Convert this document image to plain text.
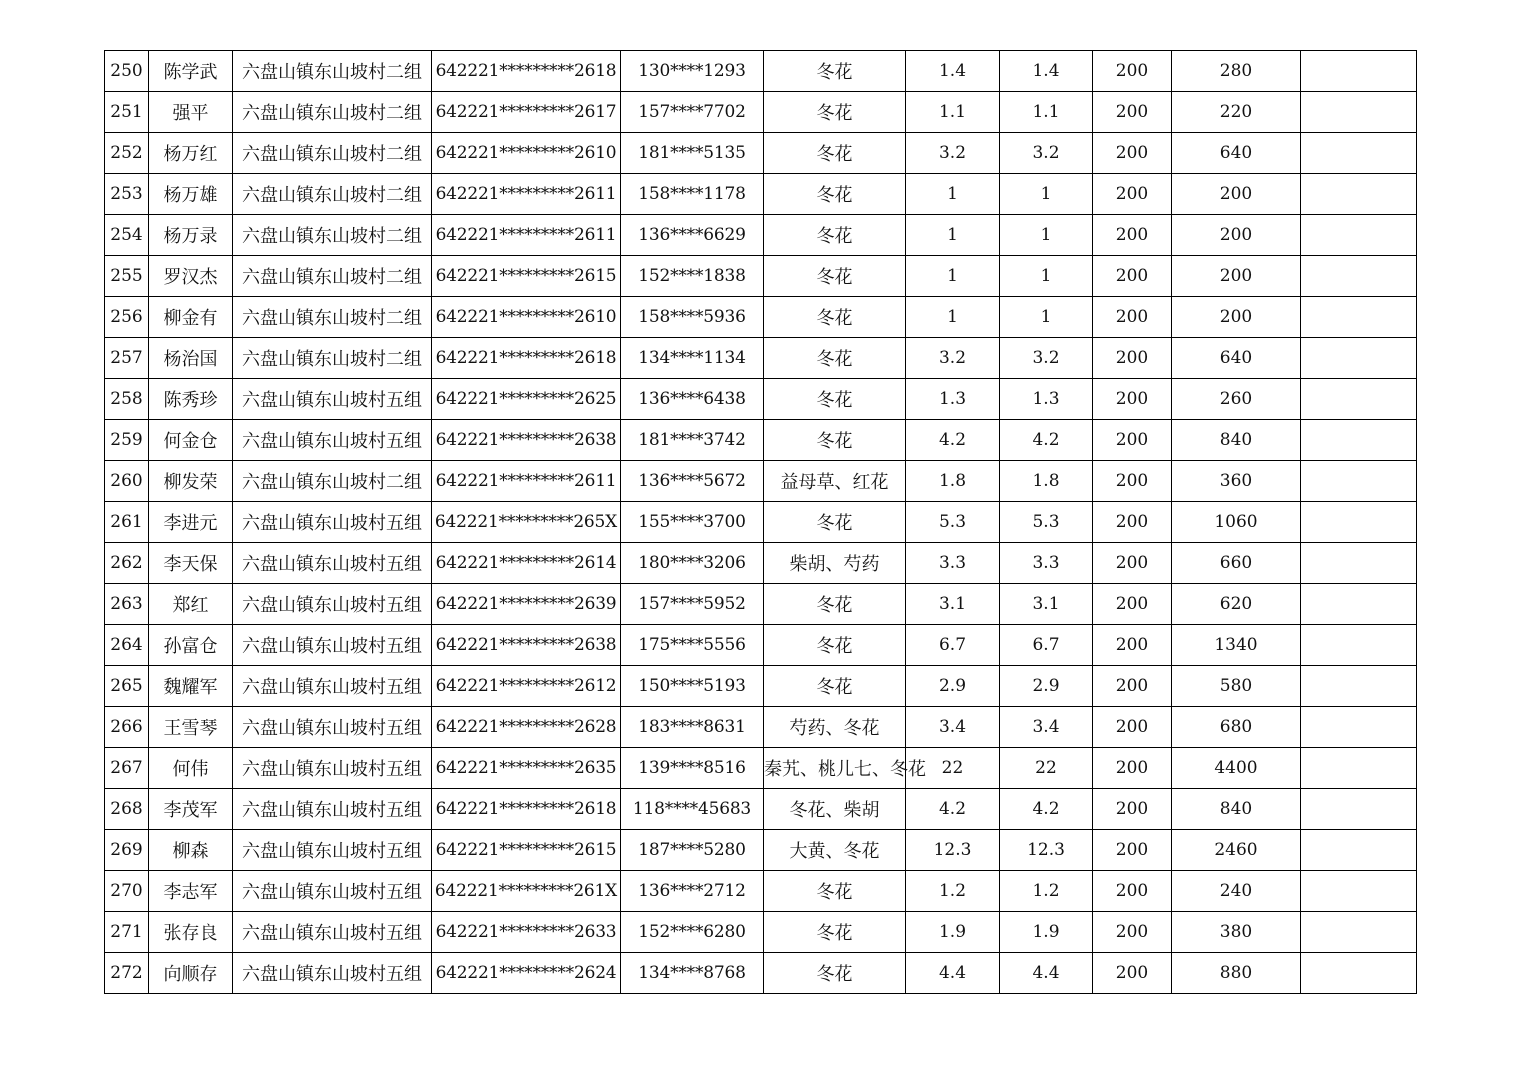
250	陈学武	六盘山镇东山坡村二组	642221*********2618	130****1293	冬花	1.4	1.4	200	280	
251	强平	六盘山镇东山坡村二组	642221*********2617	157****7702	冬花	1.1	1.1	200	220	
252	杨万红	六盘山镇东山坡村二组	642221*********2610	181****5135	冬花	3.2	3.2	200	640	
253	杨万雄	六盘山镇东山坡村二组	642221*********2611	158****1178	冬花	1	1	200	200	
254	杨万录	六盘山镇东山坡村二组	642221*********2611	136****6629	冬花	1	1	200	200	
255	罗汉杰	六盘山镇东山坡村二组	642221*********2615	152****1838	冬花	1	1	200	200	
256	柳金有	六盘山镇东山坡村二组	642221*********2610	158****5936	冬花	1	1	200	200	
257	杨治国	六盘山镇东山坡村二组	642221*********2618	134****1134	冬花	3.2	3.2	200	640	
258	陈秀珍	六盘山镇东山坡村五组	642221*********2625	136****6438	冬花	1.3	1.3	200	260	
259	何金仓	六盘山镇东山坡村五组	642221*********2638	181****3742	冬花	4.2	4.2	200	840	
260	柳发荣	六盘山镇东山坡村二组	642221*********2611	136****5672	益母草、红花	1.8	1.8	200	360	
261	李进元	六盘山镇东山坡村五组	642221*********265X	155****3700	冬花	5.3	5.3	200	1060	
262	李天保	六盘山镇东山坡村五组	642221*********2614	180****3206	柴胡、芍药	3.3	3.3	200	660	
263	郑红	六盘山镇东山坡村五组	642221*********2639	157****5952	冬花	3.1	3.1	200	620	
264	孙富仓	六盘山镇东山坡村五组	642221*********2638	175****5556	冬花	6.7	6.7	200	1340	
265	魏耀军	六盘山镇东山坡村五组	642221*********2612	150****5193	冬花	2.9	2.9	200	580	
266	王雪琴	六盘山镇东山坡村五组	642221*********2628	183****8631	芍药、冬花	3.4	3.4	200	680	
267	何伟	六盘山镇东山坡村五组	642221*********2635	139****8516	秦艽、桃儿七、冬花	22	22	200	4400	
268	李茂军	六盘山镇东山坡村五组	642221*********2618	118****45683	冬花、柴胡	4.2	4.2	200	840	
269	柳森	六盘山镇东山坡村五组	642221*********2615	187****5280	大黄、冬花	12.3	12.3	200	2460	
270	李志军	六盘山镇东山坡村五组	642221*********261X	136****2712	冬花	1.2	1.2	200	240	
271	张存良	六盘山镇东山坡村五组	642221*********2633	152****6280	冬花	1.9	1.9	200	380	
272	向顺存	六盘山镇东山坡村五组	642221*********2624	134****8768	冬花	4.4	4.4	200	880	
